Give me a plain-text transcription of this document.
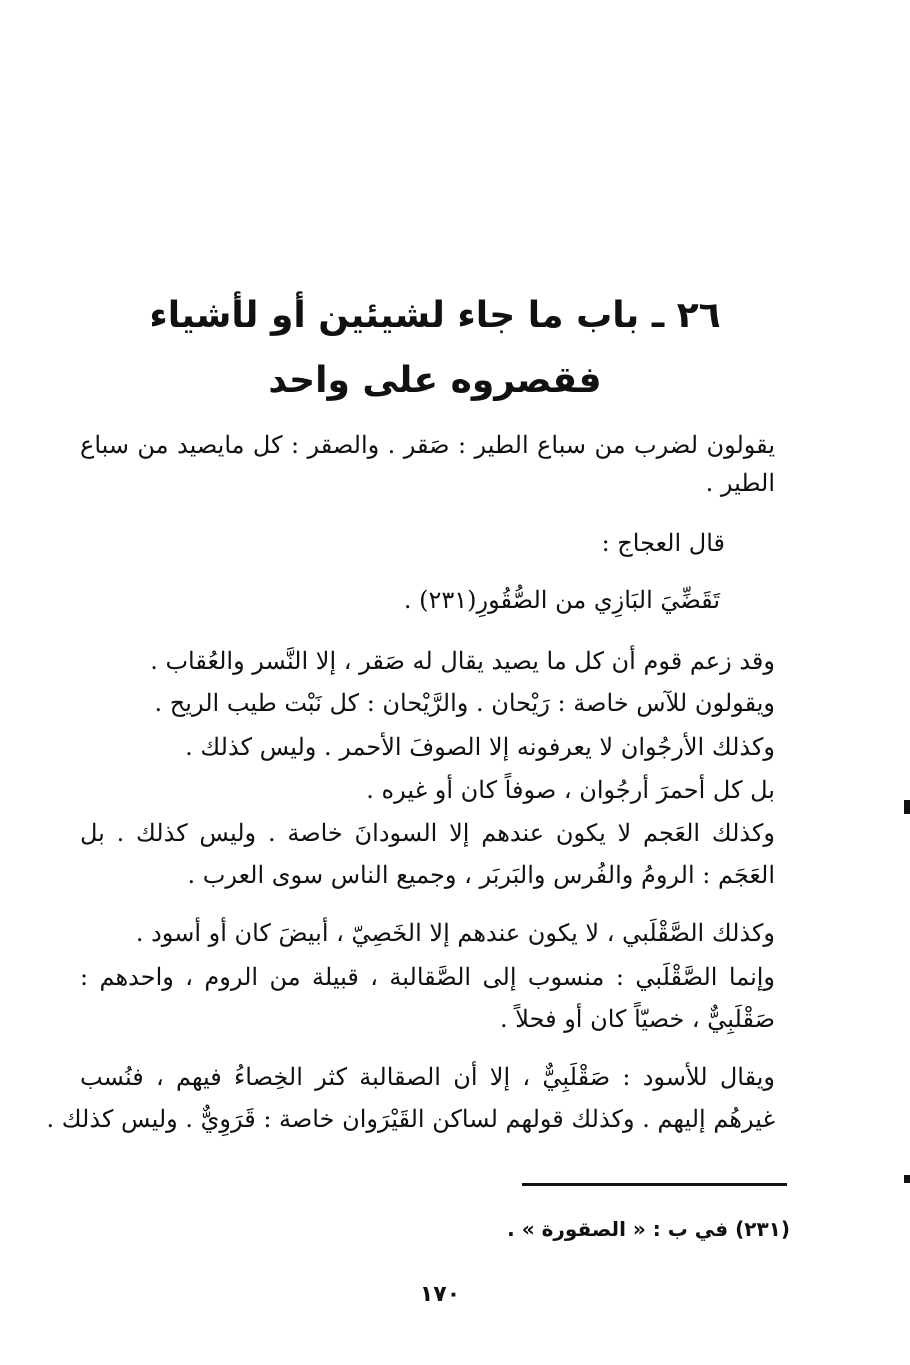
٢٦ ـ باب ما جاء لشيئين أو لأشياء
فقصروه على واحد
يقولون لضرب من سباع الطير : صَقر . والصقر : كل مايصيد من سباع
الطير .
قال العجاج :
تَقَضِّيَ البَازِي من الصُّقُورِ(٢٣١) .
وقد زعم قوم أن كل ما يصيد يقال له صَقر ، إلا النَّسر والعُقاب .
ويقولون للآس خاصة : رَيْحان . والرَّيْحان : كل نَبْت طيب الريح .
وكذلك الأرجُوان لا يعرفونه إلا الصوفَ الأحمر . وليس كذلك .
بل كل أحمرَ أرجُوان ، صوفاً كان أو غيره .
وكذلك العَجم لا يكون عندهم إلا السودانَ خاصة . وليس كذلك . بل
العَجَم : الرومُ والفُرس والبَربَر ، وجميع الناس سوى العرب .
وكذلك الصَّقْلَبي ، لا يكون عندهم إلا الخَصِيّ ، أبيضَ كان أو أسود .
وإنما الصَّقْلَبي : منسوب إلى الصَّقالبة ، قبيلة من الروم ، واحدهم :
صَقْلَبِيٌّ ، خصيّاً كان أو فحلاً .
ويقال للأسود : صَقْلَبِيٌّ ، إلا أن الصقالبة كثر الخِصاءُ فيهم ، فنُسب
غيرهُم إليهم . وكذلك قولهم لساكن القَيْرَوان خاصة : قَرَوِيٌّ . وليس كذلك .
(٢٣١) في ب : « الصقورة » .
١٧٠
